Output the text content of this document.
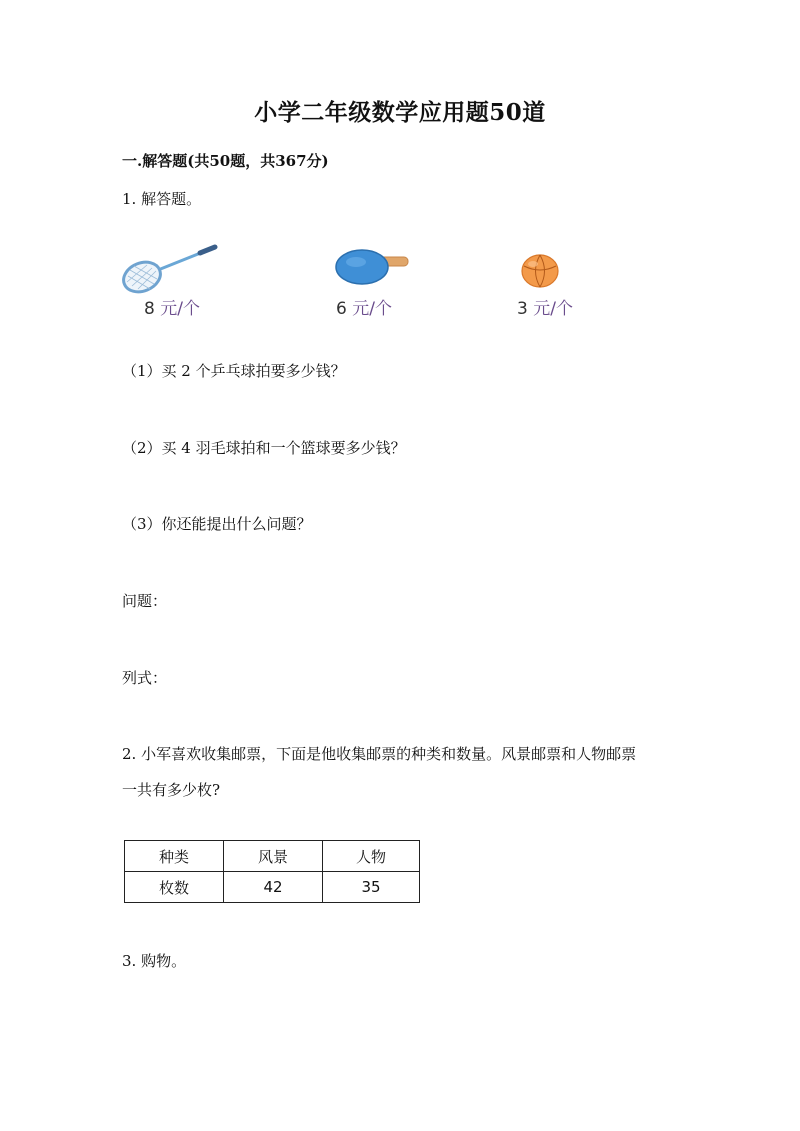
小学二年级数学应用题50道
一.解答题(共50题，共367分)
1. 解答题。
8 元/个	6 元/个	3 元/个
（1）买 2 个乒乓球拍要多少钱？
（2）买 4 羽毛球拍和一个篮球要多少钱？
（3）你还能提出什么问题？
问题：
列式：
2. 小军喜欢收集邮票，下面是他收集邮票的种类和数量。风景邮票和人物邮票
一共有多少枚?
种类	风景	人物
枚数	42	35
3. 购物。
